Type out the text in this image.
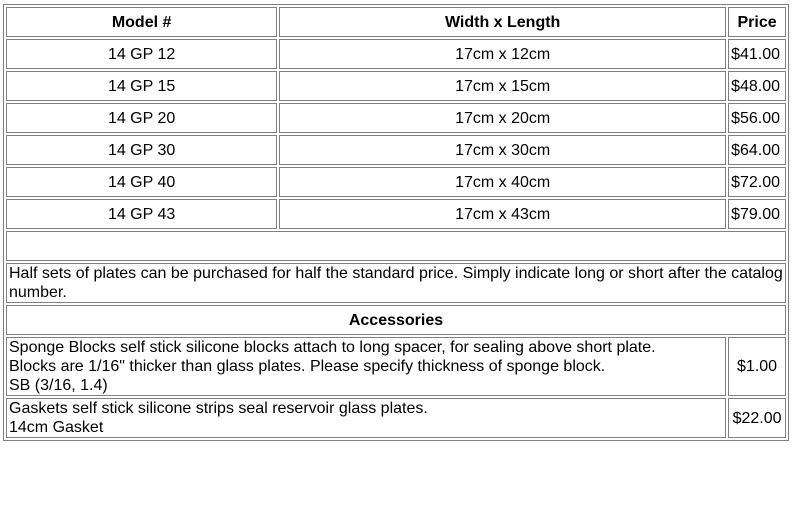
Model #	Width x Length	Price
14 GP 12	17cm x 12cm	$41.00
14 GP 15	17cm x 15cm	$48.00
14 GP 20	17cm x 20cm	$56.00
14 GP 30	17cm x 30cm	$64.00
14 GP 40	17cm x 40cm	$72.00
14 GP 43	17cm x 43cm	$79.00

Half sets of plates can be purchased for half the standard price. Simply indicate long or short after the catalog number.		
Accessories		

Sponge Blocks self stick silicone blocks attach to long spacer, for sealing above short plate.
Blocks are 1/16" thicker than glass plates. Please specify thickness of sponge block.
SB (3/16, 1.4)		$1.00

Gaskets self stick silicone strips seal reservoir glass plates.
14cm Gasket		$22.00
